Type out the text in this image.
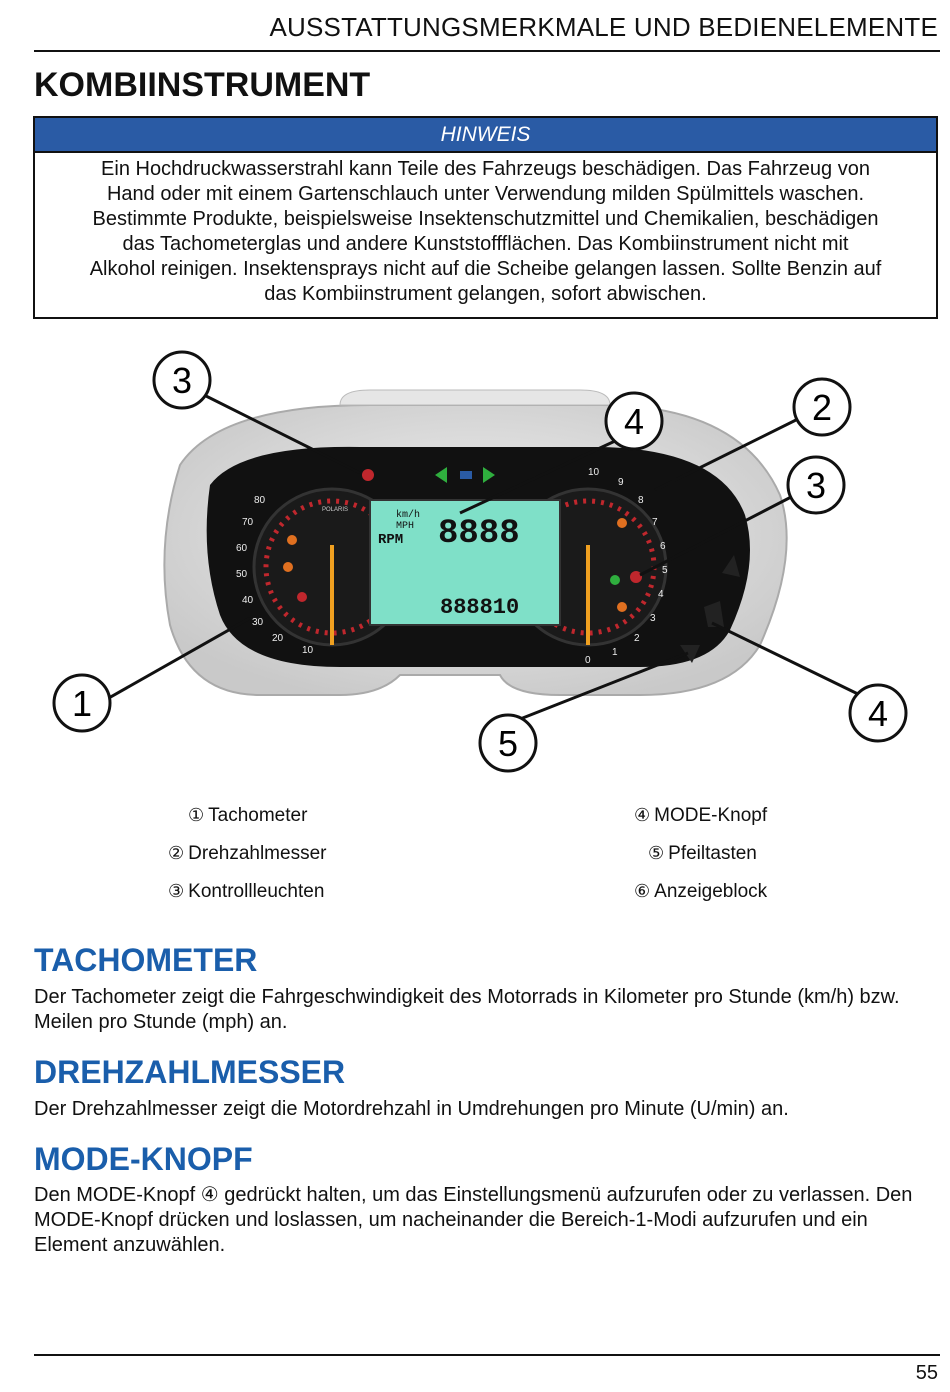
AUSSTATTUNGSMERKMALE UND BEDIENELEMENTE
KOMBIINSTRUMENT
HINWEIS
Ein Hochdruckwasserstrahl kann Teile des Fahrzeugs beschädigen. Das Fahrzeug von
Hand oder mit einem Gartenschlauch unter Verwendung milden Spülmittels waschen.
Bestimmte Produkte, beispielsweise Insektenschutzmittel und Chemikalien, beschädigen
das Tachometerglas und andere Kunststoffflächen. Das Kombiinstrument nicht mit
Alkohol reinigen. Insektensprays nicht auf die Scheibe gelangen lassen. Sollte Benzin auf
das Kombiinstrument gelangen, sofort abwischen.
10
20
30
40
50
60
70
80
0
1
2
3
4
5
6
7
8
9
10
km/h
MPH
RPM 8888
888810
POLARIS
3
1
4	2
3
4
5
① Tachometer
② Drehzahlmesser
③ Kontrollleuchten
④ MODE-Knopf
⑤ Pfeiltasten
⑥ Anzeigeblock
TACHOMETER

Der Tachometer zeigt die Fahrgeschwindigkeit des Motorrads in Kilometer pro Stunde (km/h) bzw. Meilen pro Stunde (mph) an.

DREHZAHLMESSER

Der Drehzahlmesser zeigt die Motordrehzahl in Umdrehungen pro Minute (U/min) an.

MODE-KNOPF

Den MODE-Knopf ④ gedrückt halten, um das Einstellungsmenü aufzurufen oder zu verlassen. Den MODE-Knopf drücken und loslassen, um nacheinander die Bereich-1-Modi aufzurufen und ein Element anzuwählen.

55
